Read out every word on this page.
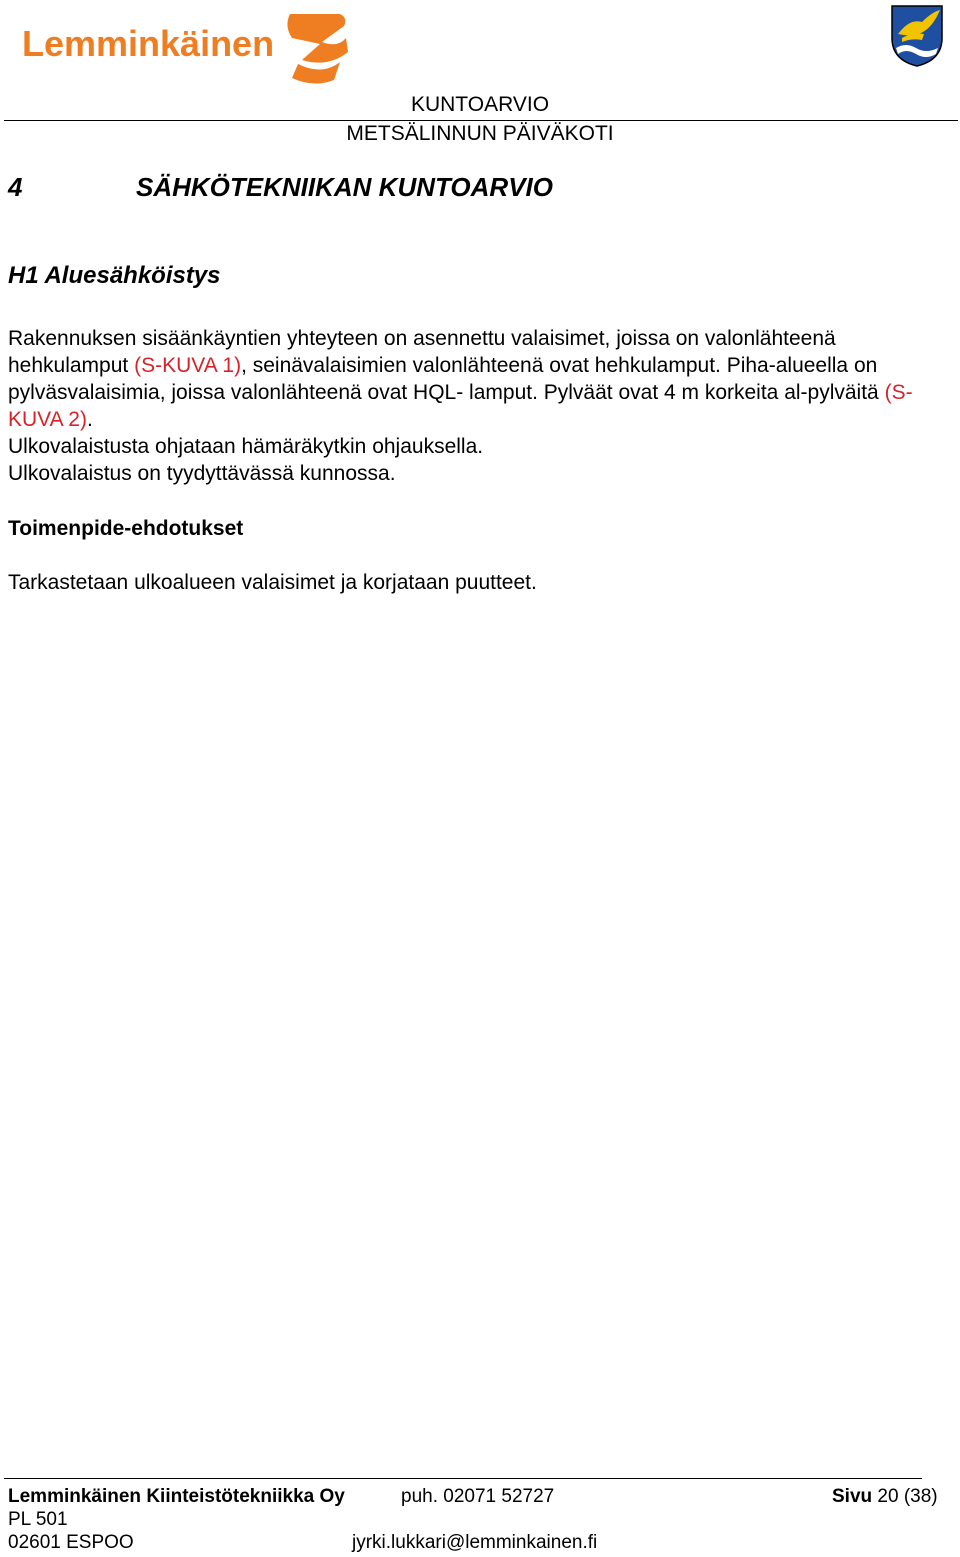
Lemminkäinen
KUNTOARVIO
METSÄLINNUN PÄIVÄKOTI
4	SÄHKÖTEKNIIKAN KUNTOARVIO
H1 Aluesähköistys
Rakennuksen sisäänkäyntien yhteyteen on asennettu valaisimet, joissa on valonlähteenä hehkulamput (S-KUVA 1), seinävalaisimien valonlähteenä ovat hehkulamput. Piha-alueella on pylväsvalaisimia, joissa valonlähteenä ovat HQL- lamput. Pylväät ovat 4 m korkeita al-pylväitä (S-KUVA 2).
Ulkovalaistusta ohjataan hämäräkytkin ohjauksella.
Ulkovalaistus on tyydyttävässä kunnossa.
Toimenpide-ehdotukset
Tarkastetaan ulkoalueen valaisimet ja korjataan puutteet.
Lemminkäinen Kiinteistötekniikka Oy	puh. 02071 52727	Sivu 20 (38)
PL 501
02601 ESPOO	jyrki.lukkari@lemminkainen.fi
